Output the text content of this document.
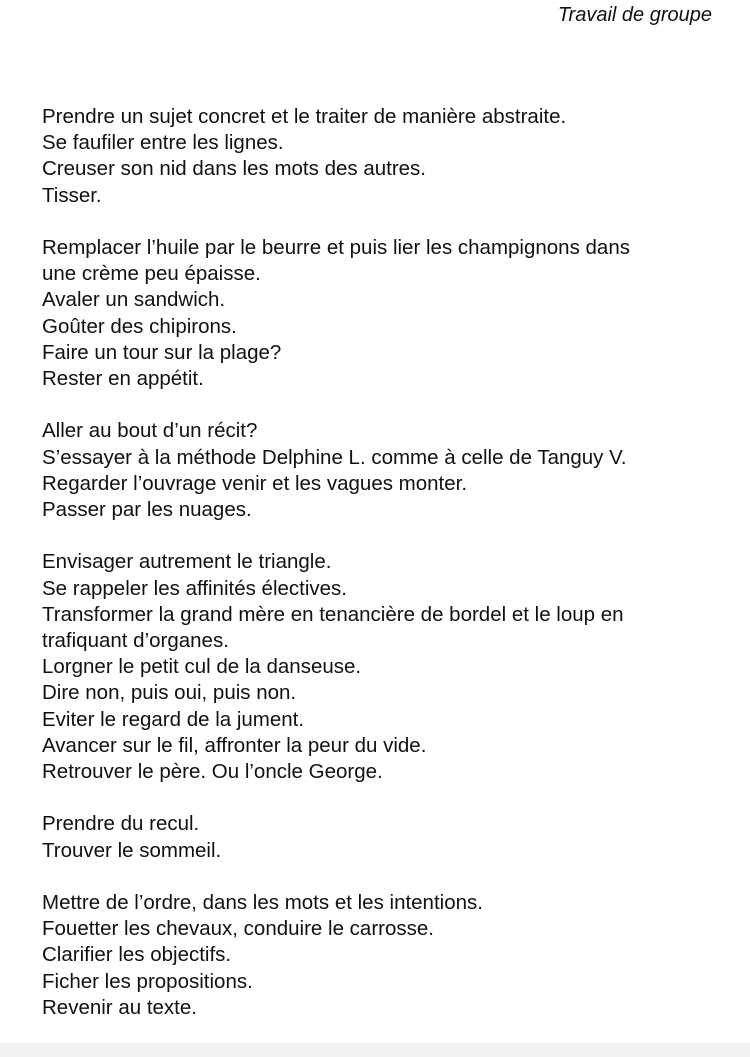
Travail de groupe
Prendre un sujet concret et le traiter de manière abstraite.
Se faufiler entre les lignes.
Creuser son nid dans les mots des autres.
Tisser.
Remplacer l’huile par le beurre et puis lier les champignons dans
une crème peu épaisse.
Avaler un sandwich.
Goûter des chipirons.
Faire un tour sur la plage?
Rester en appétit.
Aller au bout d’un récit?
S’essayer à la méthode Delphine L. comme à celle de Tanguy V.
Regarder l’ouvrage venir et les vagues monter.
Passer par les nuages.
Envisager autrement le triangle.
Se rappeler les affinités électives.
Transformer la grand mère en tenancière de bordel et le loup en
trafiquant d’organes.
Lorgner le petit cul de la danseuse.
Dire non, puis oui, puis non.
Eviter le regard de la jument.
Avancer sur le fil, affronter la peur du vide.
Retrouver le père. Ou l’oncle George.
Prendre du recul.
Trouver le sommeil.
Mettre de l’ordre, dans les mots et les intentions.
Fouetter les chevaux, conduire le carrosse.
Clarifier les objectifs.
Ficher les propositions.
Revenir au texte.
